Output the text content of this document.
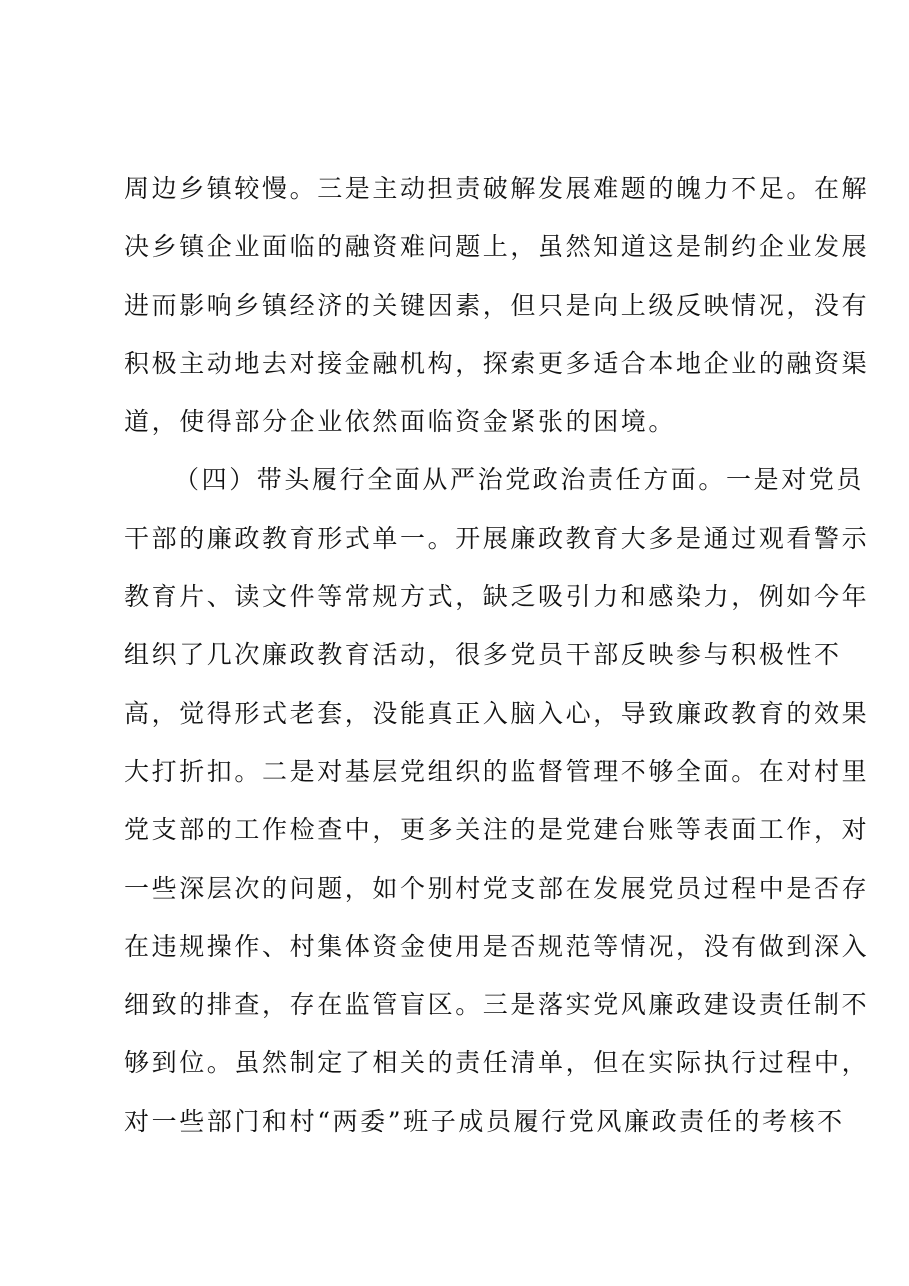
周边乡镇较慢。三是主动担责破解发展难题的魄力不足。在解
决乡镇企业面临的融资难问题上，虽然知道这是制约企业发展
进而影响乡镇经济的关键因素，但只是向上级反映情况，没有
积极主动地去对接金融机构，探索更多适合本地企业的融资渠
道，使得部分企业依然面临资金紧张的困境。
（四）带头履行全面从严治党政治责任方面。一是对党员
干部的廉政教育形式单一。开展廉政教育大多是通过观看警示
教育片、读文件等常规方式，缺乏吸引力和感染力，例如今年
组织了几次廉政教育活动，很多党员干部反映参与积极性不
高，觉得形式老套，没能真正入脑入心，导致廉政教育的效果
大打折扣。二是对基层党组织的监督管理不够全面。在对村里
党支部的工作检查中，更多关注的是党建台账等表面工作，对
一些深层次的问题，如个别村党支部在发展党员过程中是否存
在违规操作、村集体资金使用是否规范等情况，没有做到深入
细致的排查，存在监管盲区。三是落实党风廉政建设责任制不
够到位。虽然制定了相关的责任清单，但在实际执行过程中，
对一些部门和村“两委”班子成员履行党风廉政责任的考核不
